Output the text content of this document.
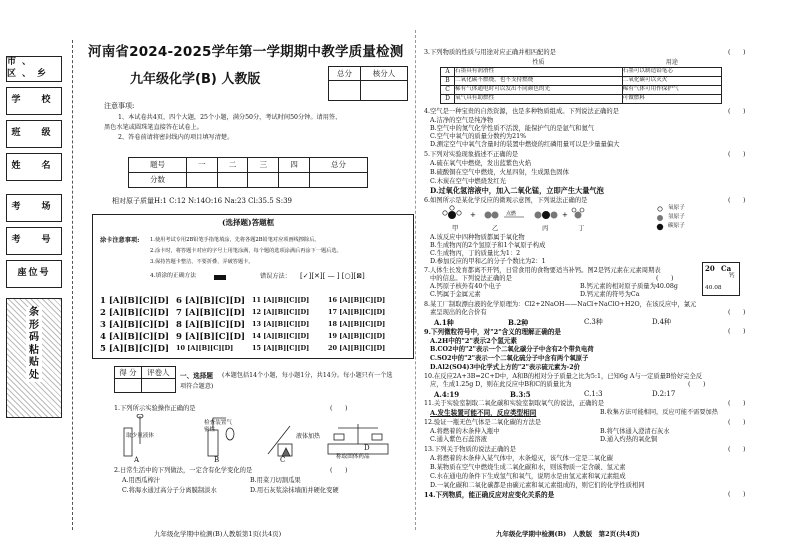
市、区、乡
学　校
班　级
姓　名
考　场
考　号
座位号
条形码粘贴处
河南省2024-2025学年第一学期期中教学质量检测
九年级化学(B) 人教版	总分	核分人

注意事项:
1、本试卷共4页，四个大题，25个小题，满分50分，考试时间50分钟。请用签、
黑色水笔或圆珠笔直接答在试卷上。
2、答卷前请将密封线内的项目填写清楚。
题号	一	二	三	四	总分
分数					
相对原子质量H:1 C:12 N:14O:16 Na:23 Cl:35.5 S:39
(选择题)答题框
涂卡注意事项: 1.使用考试专用2B铅笔手指笔填涂，先将各题2B铅笔对应项画线擦除后。
2.涂卡时，将答题卡对应的字号上用笔涂满，每个题的选项涂满后再涂下一题后选。
3.保持答题卡整洁，不要折叠、弄破答题卡。
4.填涂的正确方法	错误方法： [✓][✕][ — ] [○][⊠]
1 [A][B][C][D] 6 [A][B][C][D]	11 [A][B][C][D]	16 [A][B][C][D]
2 [A][B][C][D] 7 [A][B][C][D]	12 [A][B][C][D]	17 [A][B][C][D]
3 [A][B][C][D] 8 [A][B][C][D]	13 [A][B][C][D]	18 [A][B][C][D]
4 [A][B][C][D] 9 [A][B][C][D]	14 [A][B][C][D]	19 [A][B][C][D]
5 [A][B][C][D]	10 [A][B][C][D]	15 [A][B][C][D]	20 [A][B][C][D]
得 分	评卷人
	一、选择题 (本题包括14个小题，每小题1分，共14分。每小题只有一个选
项符合题意)
1.下列所示实验操作正确的是	(　　)
取少量液体
检查装置气密性
液体加热
称取固体药品
A	B	C
D
2.日常生活中的下列做法，一定含有化学变化的是	(　　)
A.用西瓜榨汁	B.用菜刀切割瓜果
C.将海水通过高分子分离膜制淡水	D.用石灰浆涂抹墙面并硬化变硬
九年级化学期中检测(B)人教版第1页(共4页)
3.下列物质的性质与用途对应正确并相匹配的是	(　　)
	性质	用途
A	石墨具有润滑性	石墨可以制造铅笔芯
B	二氧化碳不燃烧，也不支持燃烧	二氧化碳可以灭火
C	稀有气体通电时可以发出不同颜色的光	稀有气体可用作保护气
D	氧气具有助燃性	可做燃料
4.空气是一种宝贵的自然资源，也是多种物质组成。下列说法正确的是	(　　)
A.洁净的空气是纯净物
B.空气中的氮气化学性质不活泼，能保护气的是氩气和氦气
C.空气中氧气的质量分数约为21%
D.测定空气中氧气含量时的装置中燃烧的红磷用量可以是少量量偏大
5.下列对实验现象描述不正确的是	(　　)
A.硫在氧气中燃烧，发出蓝紫色火焰
B.硫酸铜在空气中燃烧，火星四射，生成黑色固体
C.木炭在空气中燃烧发红光
D.过氧化氢溶液中，加入二氧化锰，立即产生大量气泡
6.如图所示是某化学反应的微观示意图，下列说法正确的是	(　　)
+	点燃	+
氧原子
氢原子
碳原子
甲	乙	丙	丁
A.该反应中四种物质都属于氧化物
B.生成物丙的2个氢原子和1个氧原子构成
C.生成物丙，丁的质量比为1：2
D.参加反应的甲和乙的分子个数比为2：1
7.人体生长发育都离不开钙，日常食用的食物要适当补钙。图2是钙元素在元素周期表
中的信息。下列说法正确的是	(　　)
A.钙原子核外有40个电子	B.钙元素的相对原子质量为40.08g
C.钙属于金属元素	D.钙元素的符号为Ca
20 Ca
钙
40.08
8.某工厂制取漂白液的化学原理为：Cl2+2NaOH——NaCl+NaClO+H2O，在该反应中，氯元
素呈现出的化合价有	(　　)
A.1种	B.2种	C.3种	D.4种
9.下列微粒符号中，对"2"含义的理解正确的是	(　　)
A.2H中的"2"表示2个氢元素
B.CO2中的"2"表示一个二氧化碳分子中含有2个带负电荷
C.SO2中的"2"表示一个二氧化硫分子中含有两个氧原子
D.Al2(SO4)3中化学式上方的"2"表示硫元素为-2价
10.在反应2A+3B=2C+D中，A和B的相对分子质量之比为5:1，已知6g A与一定质量B恰好完全反
应，生成1.25g D，则在此反应中B和C的质量比为	(　　)
A.4:19	B.3:5	C.1:3	D.2:17
11.关于实验室制取二氧化碳和实验室制取氧气的说法，正确的是	(　　)
A.发生装置可能不同，反应类型相同	B.收集方法可能相同，反应可能不需要加热
12.验证一瓶无色气体是二氧化碳的方法是	(　　)
A.将燃着的木条伸入瓶中	B.将气体通入澄清石灰水
C.通入紫色石蕊溶液	D.通入灼热的氧化铜
13.下列关于物质的说法正确的是	(　　)
A.将燃着的木条伸入某气体中，木条熄灭，该气体一定是二氧化碳
B.某物质在空气中燃烧生成二氧化碳和水，则该物质一定含碳、氢元素
C.水在通电的条件下生成氢气和氧气，说明水是由氢元素和氧元素组成
D.一氧化碳和二氧化碳都是由碳元素和氧元素组成的，则它们的化学性质相同
14.下列物质，能正确反应对应变化关系的是	(　　)
九年级化学期中检测(B)　人教版　第2页(共4页)
